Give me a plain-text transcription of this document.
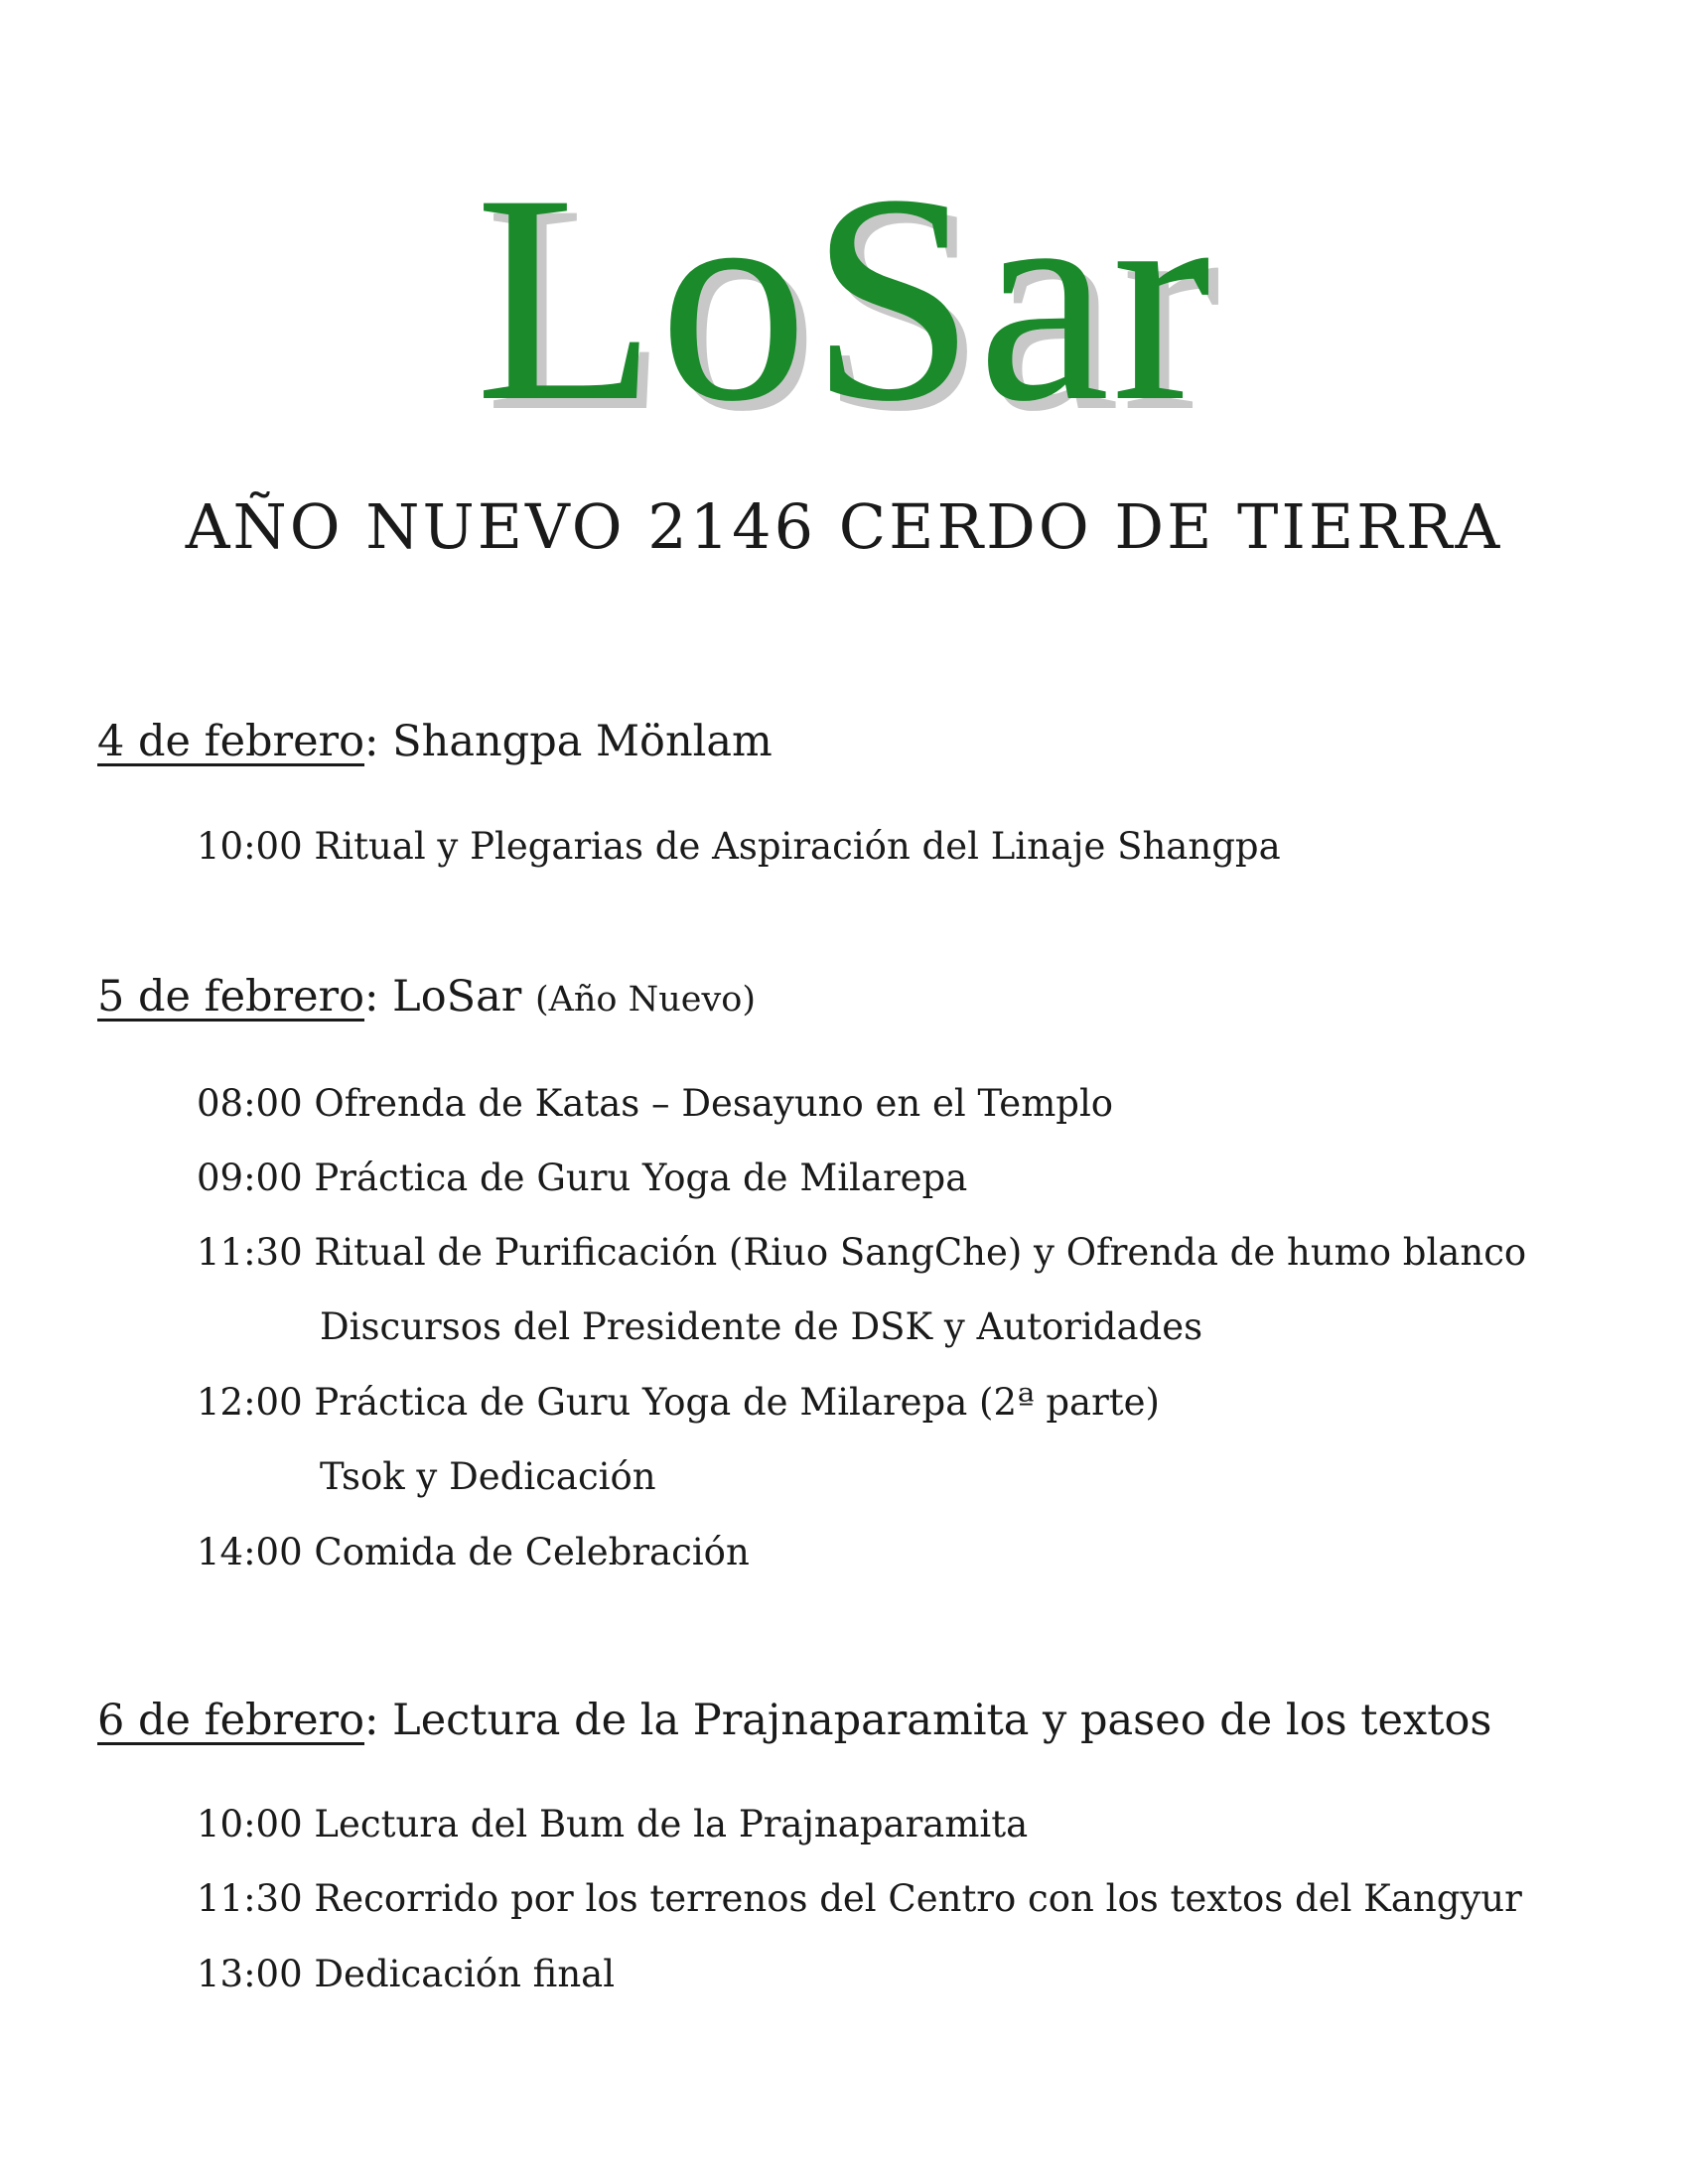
LoSar
AÑO NUEVO 2146 CERDO DE TIERRA
4 de febrero: Shangpa Mönlam
10:00 Ritual y Plegarias de Aspiración del Linaje Shangpa
5 de febrero: LoSar (Año Nuevo)
08:00 Ofrenda de Katas – Desayuno en el Templo
09:00 Práctica de Guru Yoga de Milarepa
11:30 Ritual de Purificación (Riuo SangChe) y Ofrenda de humo blanco
Discursos del Presidente de DSK y Autoridades
12:00 Práctica de Guru Yoga de Milarepa (2ª parte)
Tsok y Dedicación
14:00 Comida de Celebración
6 de febrero: Lectura de la Prajnaparamita y paseo de los textos
10:00 Lectura del Bum de la Prajnaparamita
11:30 Recorrido por los terrenos del Centro con los textos del Kangyur
13:00 Dedicación final
